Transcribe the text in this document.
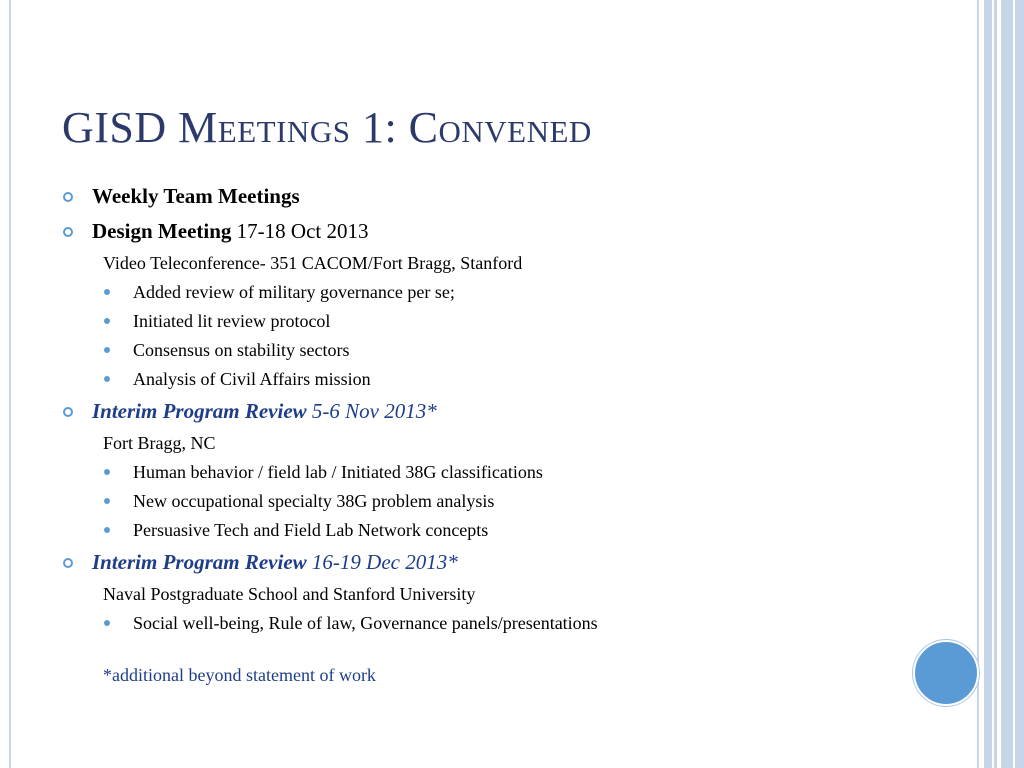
GISD Meetings 1: Convened
Weekly Team Meetings
Design Meeting 17-18 Oct 2013
Video Teleconference- 351 CACOM/Fort Bragg, Stanford
Added review of military governance per se;
Initiated lit review protocol
Consensus on stability sectors
Analysis of Civil Affairs mission
Interim Program Review 5-6 Nov 2013*
Fort Bragg, NC
Human behavior / field lab / Initiated 38G classifications
New occupational specialty 38G problem analysis
Persuasive Tech and Field Lab Network concepts
Interim Program Review 16-19 Dec 2013*
Naval Postgraduate School and Stanford University
Social well-being, Rule of law, Governance panels/presentations
*additional beyond statement of work
